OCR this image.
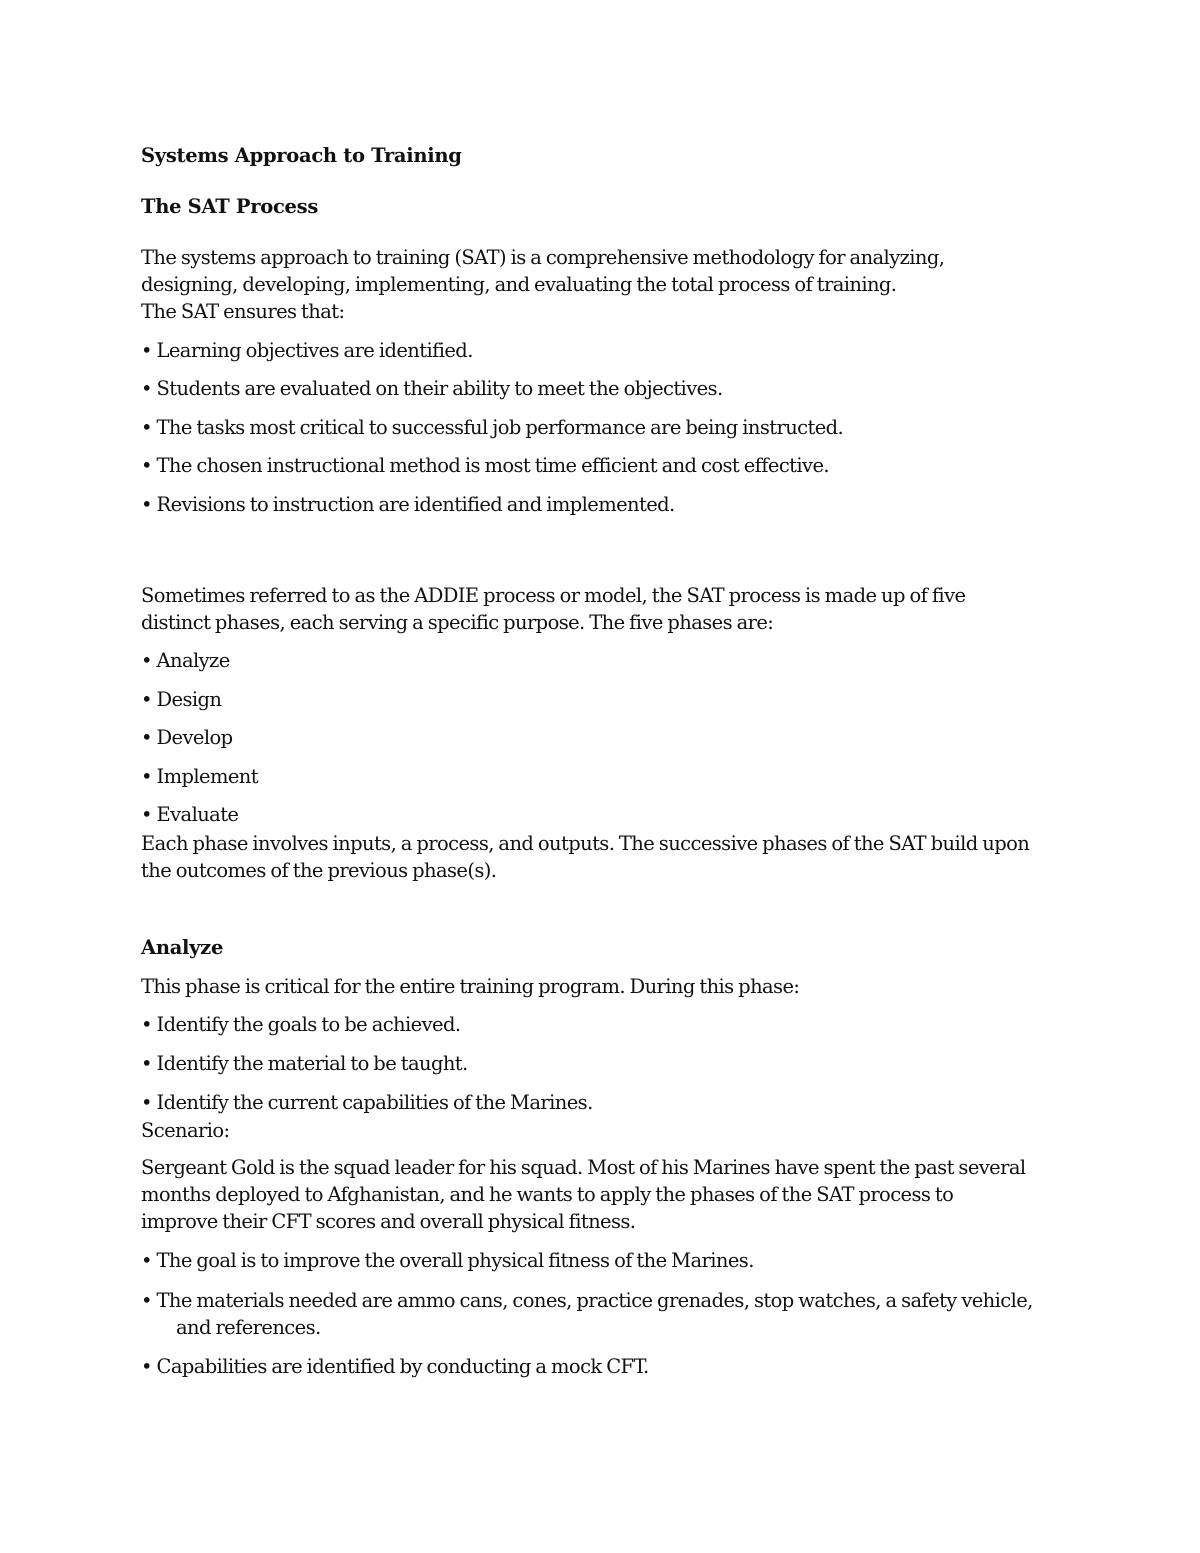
Systems Approach to Training
The SAT Process
The systems approach to training (SAT) is a comprehensive methodology for analyzing,
designing, developing, implementing, and evaluating the total process of training.
The SAT ensures that:
• Learning objectives are identified.
• Students are evaluated on their ability to meet the objectives.
• The tasks most critical to successful job performance are being instructed.
• The chosen instructional method is most time efficient and cost effective.
• Revisions to instruction are identified and implemented.
Sometimes referred to as the ADDIE process or model, the SAT process is made up of five
distinct phases, each serving a specific purpose. The five phases are:
• Analyze
• Design
• Develop
• Implement
• Evaluate
Each phase involves inputs, a process, and outputs. The successive phases of the SAT build upon
the outcomes of the previous phase(s).
Analyze
This phase is critical for the entire training program. During this phase:
• Identify the goals to be achieved.
• Identify the material to be taught.
• Identify the current capabilities of the Marines.
Scenario:
Sergeant Gold is the squad leader for his squad. Most of his Marines have spent the past several
months deployed to Afghanistan, and he wants to apply the phases of the SAT process to
improve their CFT scores and overall physical fitness.
• The goal is to improve the overall physical fitness of the Marines.
• The materials needed are ammo cans, cones, practice grenades, stop watches, a safety vehicle,
and references.
• Capabilities are identified by conducting a mock CFT.
